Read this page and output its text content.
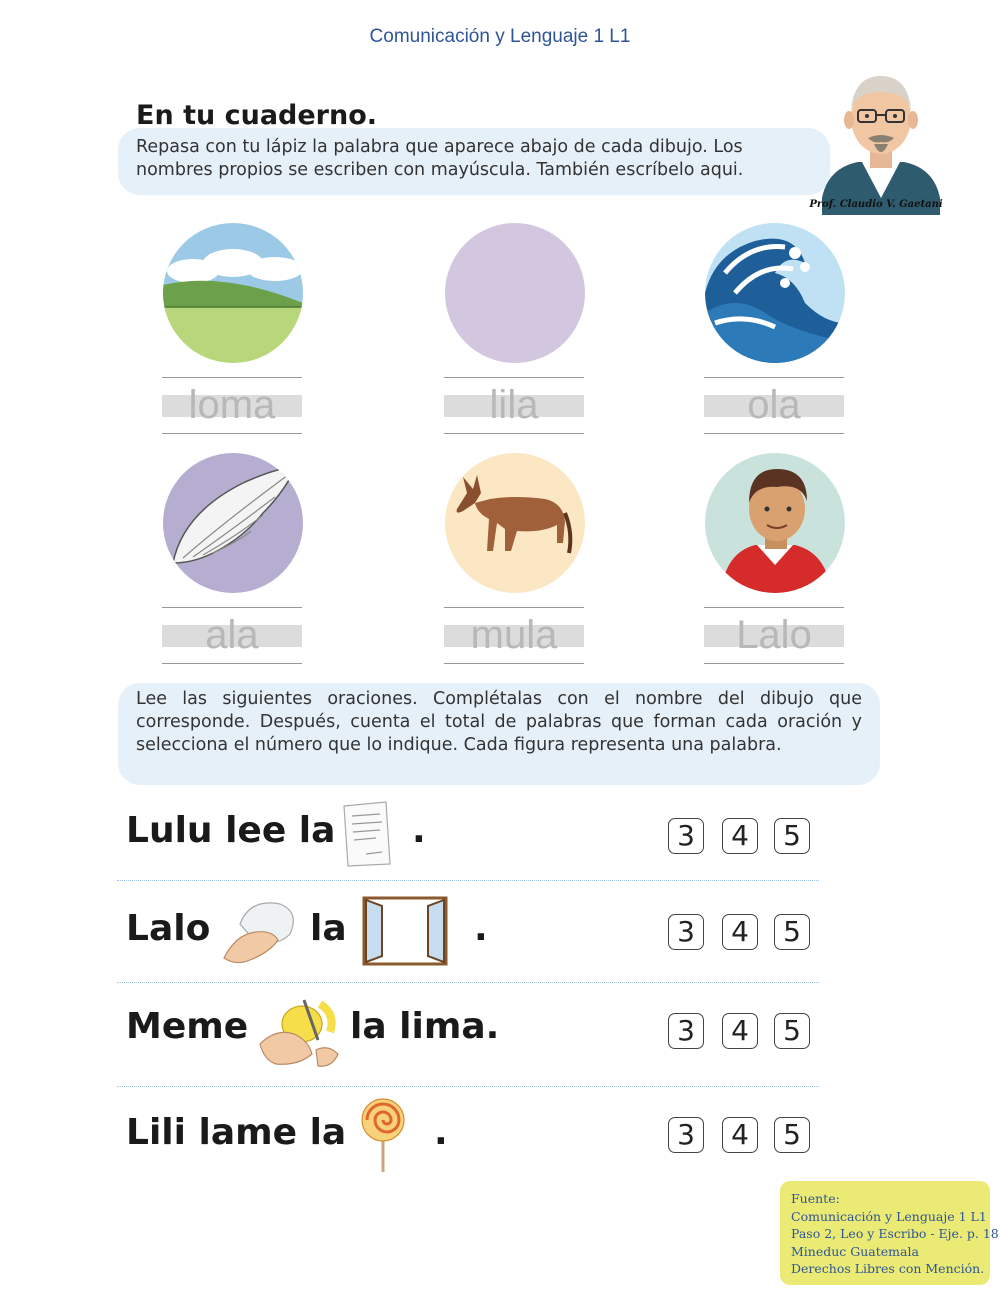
Comunicación y Lenguaje 1 L1

Repasa con tu lápiz la palabra que aparece abajo de cada dibujo. Los nombres propios se escriben con mayúscula. También escríbelo aqui.

En tu cuaderno.
Prof. Claudio V. Gaetani
loma	lila	ola
ala	mula	Lalo

Lee las siguientes oraciones. Complétalas con el nombre del dibujo que corresponde. Después, cuenta el total de palabras que forman cada oración y selecciona el número que lo indique. Cada figura representa una palabra.

Lulu lee la .	3	4	5
Lalo	la	.	3	4	5
Meme	la lima.	3	4	5
Lili lame la .	3	4	5
Fuente:
Comunicación y Lenguaje 1 L1
Paso 2, Leo y Escribo - Eje. p. 18
Mineduc Guatemala
Derechos Libres con Mención.
